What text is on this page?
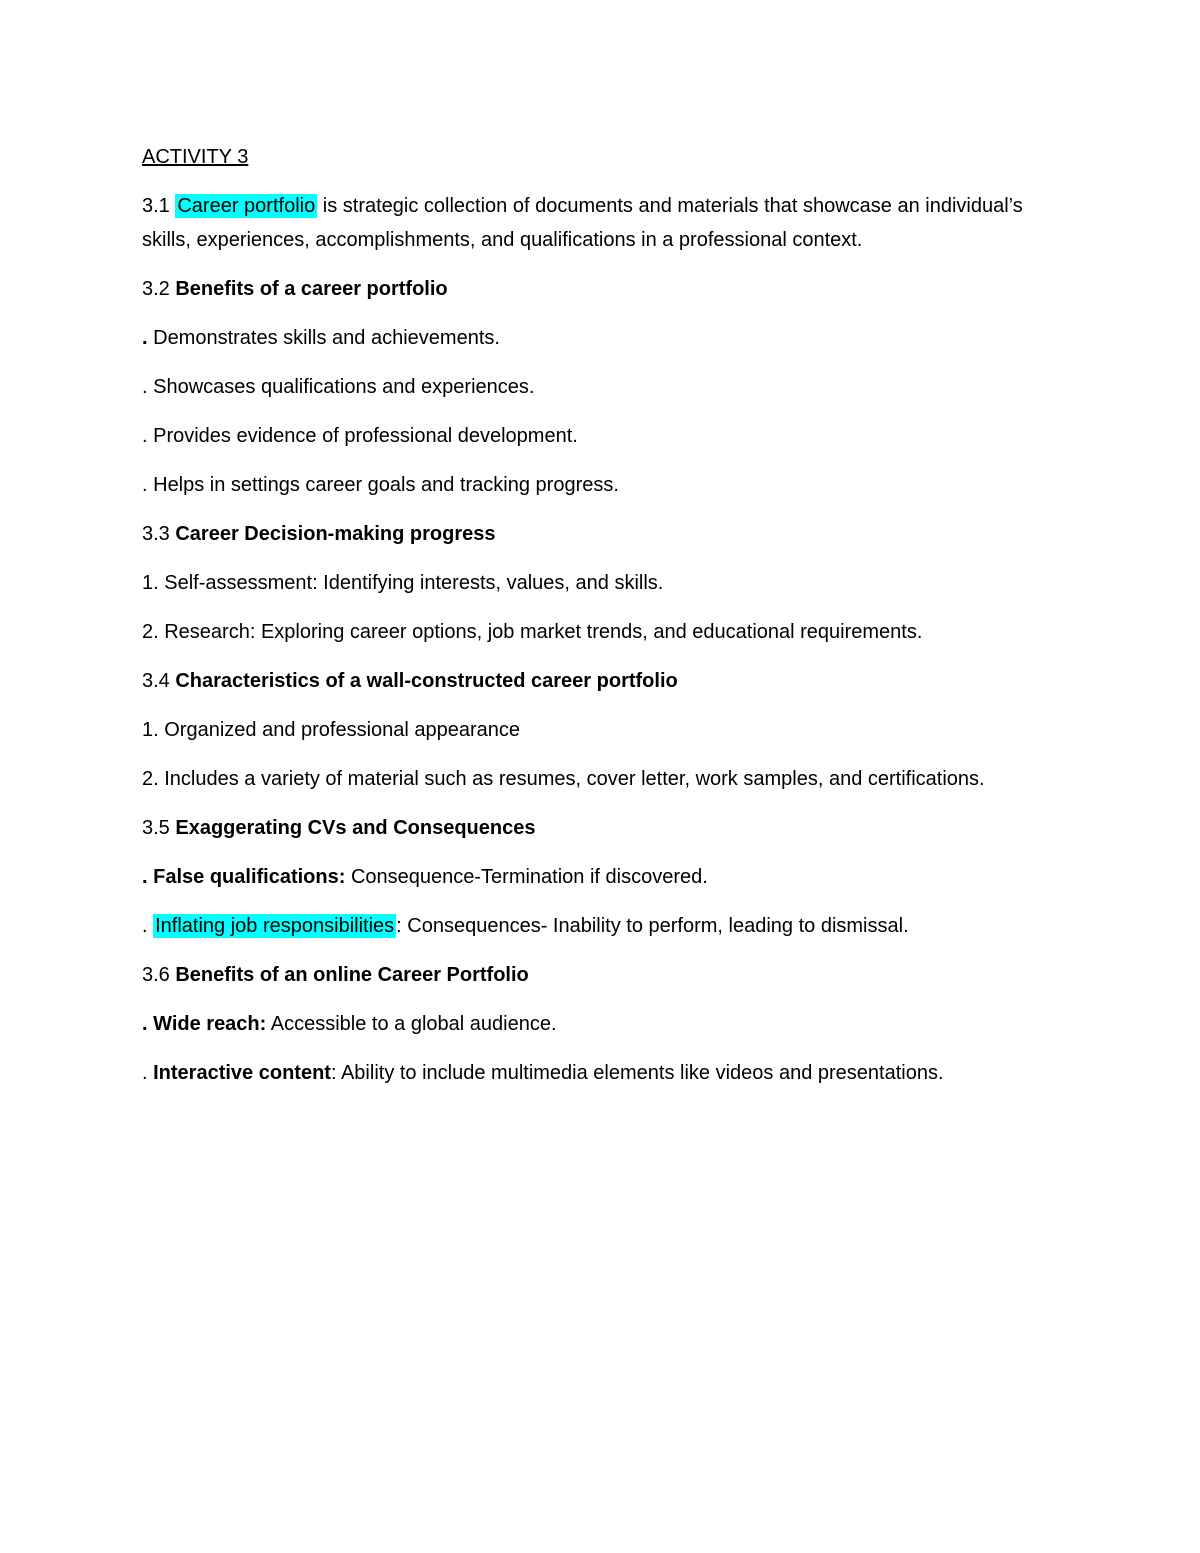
ACTIVITY 3

3.1 Career portfolio is strategic collection of documents and materials that showcase an individual’s skills, experiences, accomplishments, and qualifications in a professional context.

3.2 Benefits of a career portfolio

. Demonstrates skills and achievements.

. Showcases qualifications and experiences.

. Provides evidence of professional development.

. Helps in settings career goals and tracking progress.

3.3 Career Decision-making progress

1. Self-assessment: Identifying interests, values, and skills.

2. Research: Exploring career options, job market trends, and educational requirements.

3.4 Characteristics of a wall-constructed career portfolio

1. Organized and professional appearance

2. Includes a variety of material such as resumes, cover letter, work samples, and certifications.

3.5 Exaggerating CVs and Consequences

. False qualifications: Consequence-Termination if discovered.

. Inflating job responsibilities : Consequences- Inability to perform, leading to dismissal.

3.6 Benefits of an online Career Portfolio

. Wide reach: Accessible to a global audience.

. Interactive content: Ability to include multimedia elements like videos and presentations.
